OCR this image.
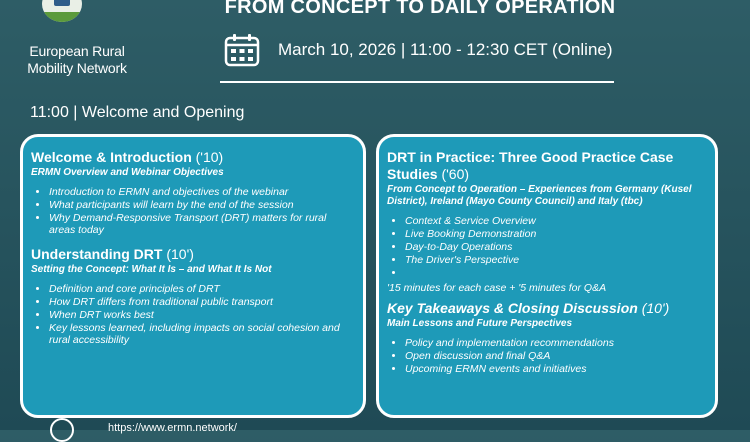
European Rural Mobility Network
FROM CONCEPT TO DAILY OPERATION
March 10, 2026 | 11:00 - 12:30 CET (Online)
11:00 | Welcome and Opening
Welcome & Introduction ('10)
ERMN Overview and Webinar Objectives
• Introduction to ERMN and objectives of the webinar
• What participants will learn by the end of the session
• Why Demand-Responsive Transport (DRT) matters for rural areas today
Understanding DRT (10')
Setting the Concept: What It Is – and What It Is Not
• Definition and core principles of DRT
• How DRT differs from traditional public transport
• When DRT works best
• Key lessons learned, including impacts on social cohesion and rural accessibility
DRT in Practice: Three Good Practice Case Studies ('60)
From Concept to Operation – Experiences from Germany (Kusel District), Ireland (Mayo County Council) and Italy (tbc)
• Context & Service Overview
• Live Booking Demonstration
• Day-to-Day Operations
• The Driver's Perspective
•
'15 minutes for each case + '5 minutes for Q&A
Key Takeaways & Closing Discussion (10')
Main Lessons and Future Perspectives
• Policy and implementation recommendations
• Open discussion and final Q&A
• Upcoming ERMN events and initiatives
https://www.ermn.network/
